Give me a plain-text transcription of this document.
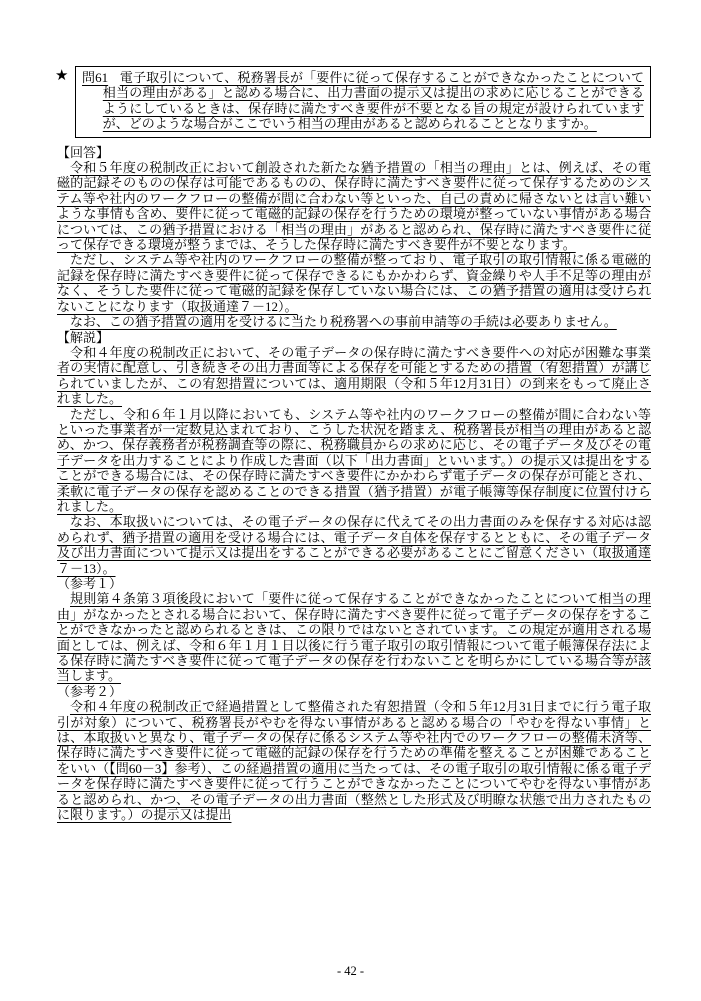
★ 問61 電子取引について、税務署長が「要件に従って保存することができなかったことについて相当の理由がある」と認める場合に、出力書面の提示又は提出の求めに応じることができるようにしているときは、保存時に満たすべき要件が不要となる旨の規定が設けられていますが、どのような場合がここでいう相当の理由があると認められることとなりますか。
【回答】

令和５年度の税制改正において創設された新たな猶予措置の「相当の理由」とは、例えば、その電磁的記録そのものの保存は可能であるものの、保存時に満たすべき要件に従って保存するためのシステム等や社内のワークフローの整備が間に合わない等といった、自己の責めに帰さないとは言い難いような事情も含め、要件に従って電磁的記録の保存を行うための環境が整っていない事情がある場合については、この猶予措置における「相当の理由」があると認められ、保存時に満たすべき要件に従って保存できる環境が整うまでは、そうした保存時に満たすべき要件が不要となります。

ただし、システム等や社内のワークフローの整備が整っており、電子取引の取引情報に係る電磁的記録を保存時に満たすべき要件に従って保存できるにもかかわらず、資金繰りや人手不足等の理由がなく、そうした要件に従って電磁的記録を保存していない場合には、この猶予措置の適用は受けられないことになります（取扱通達７－12）。

なお、この猶予措置の適用を受けるに当たり税務署への事前申請等の手続は必要ありません。

【解説】

令和４年度の税制改正において、その電子データの保存時に満たすべき要件への対応が困難な事業者の実情に配意し、引き続きその出力書面等による保存を可能とするための措置（宥恕措置）が講じられていましたが、この宥恕措置については、適用期限（令和５年12月31日）の到来をもって廃止されました。

ただし、令和６年１月以降においても、システム等や社内のワークフローの整備が間に合わない等といった事業者が一定数見込まれており、こうした状況を踏まえ、税務署長が相当の理由があると認め、かつ、保存義務者が税務調査等の際に、税務職員からの求めに応じ、その電子データ及びその電子データを出力することにより作成した書面（以下「出力書面」といいます。）の提示又は提出をすることができる場合には、その保存時に満たすべき要件にかかわらず電子データの保存が可能とされ、柔軟に電子データの保存を認めることのできる措置（猶予措置）が電子帳簿等保存制度に位置付けられました。

なお、本取扱いについては、その電子データの保存に代えてその出力書面のみを保存する対応は認められず、猶予措置の適用を受ける場合には、電子データ自体を保存するとともに、その電子データ及び出力書面について提示又は提出をすることができる必要があることにご留意ください（取扱通達７－13）。

（参考１）

規則第４条第３項後段において「要件に従って保存することができなかったことについて相当の理由」がなかったとされる場合において、保存時に満たすべき要件に従って電子データの保存をすることができなかったと認められるときは、この限りではないとされています。この規定が適用される場面としては、例えば、令和６年１月１日以後に行う電子取引の取引情報について電子帳簿保存法による保存時に満たすべき要件に従って電子データの保存を行わないことを明らかにしている場合等が該当します。

（参考２）

令和４年度の税制改正で経過措置として整備された宥恕措置（令和５年12月31日までに行う電子取引が対象）について、税務署長がやむを得ない事情があると認める場合の「やむを得ない事情」とは、本取扱いと異なり、電子データの保存に係るシステム等や社内でのワークフローの整備未済等、保存時に満たすべき要件に従って電磁的記録の保存を行うための準備を整えることが困難であることをいい（【問60－3】参考）、この経過措置の適用に当たっては、その電子取引の取引情報に係る電子データを保存時に満たすべき要件に従って行うことができなかったことについてやむを得ない事情があると認められ、かつ、その電子データの出力書面（整然とした形式及び明瞭な状態で出力されたものに限ります。）の提示又は提出

- 42 -
